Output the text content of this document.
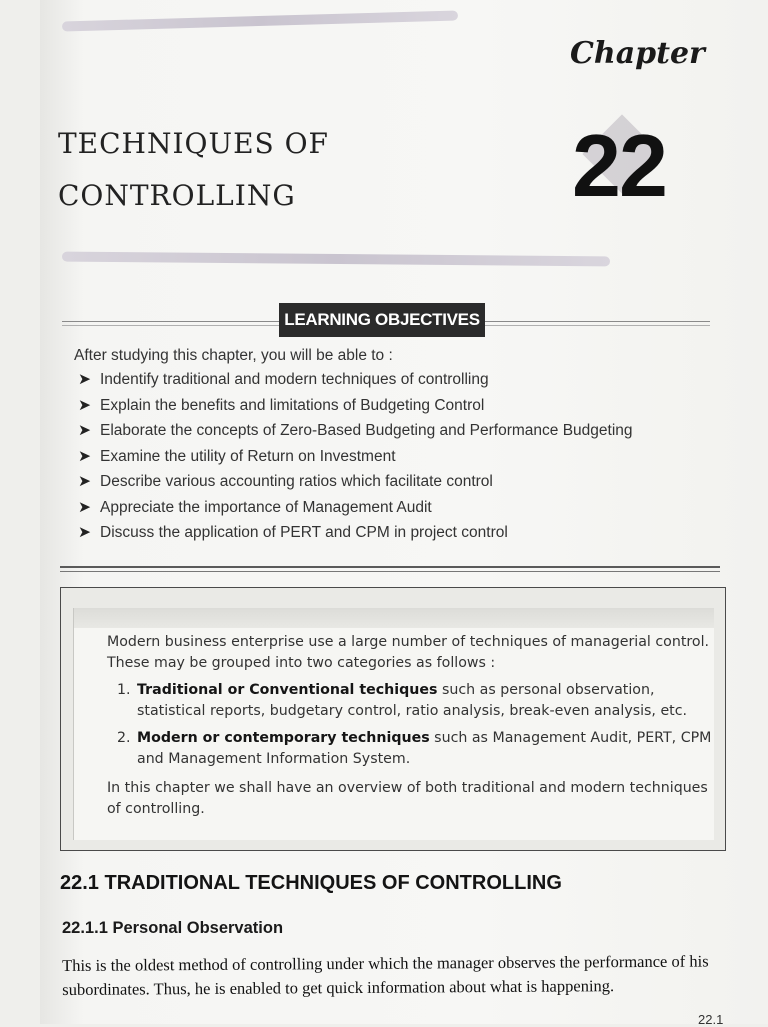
Chapter
22
TECHNIQUES OF
CONTROLLING
LEARNING OBJECTIVES
After studying this chapter, you will be able to :
➤ Indentify traditional and modern techniques of controlling
➤ Explain the benefits and limitations of Budgeting Control
➤ Elaborate the concepts of Zero-Based Budgeting and Performance Budgeting
➤ Examine the utility of Return on Investment
➤ Describe various accounting ratios which facilitate control
➤ Appreciate the importance of Management Audit
➤ Discuss the application of PERT and CPM in project control

Modern business enterprise use a large number of techniques of managerial control. These may be grouped into two categories as follows :

1. Traditional or Conventional techiques such as personal observation, statistical reports, budgetary control, ratio analysis, break-even analysis, etc.
2. Modern or contemporary techniques such as Management Audit, PERT, CPM and Management Information System.

In this chapter we shall have an overview of both traditional and modern techniques of controlling.

22.1 TRADITIONAL TECHNIQUES OF CONTROLLING
22.1.1 Personal Observation
This is the oldest method of controlling under which the manager observes the performance of his subordinates. Thus, he is enabled to get quick information about what is happening.
22.1
